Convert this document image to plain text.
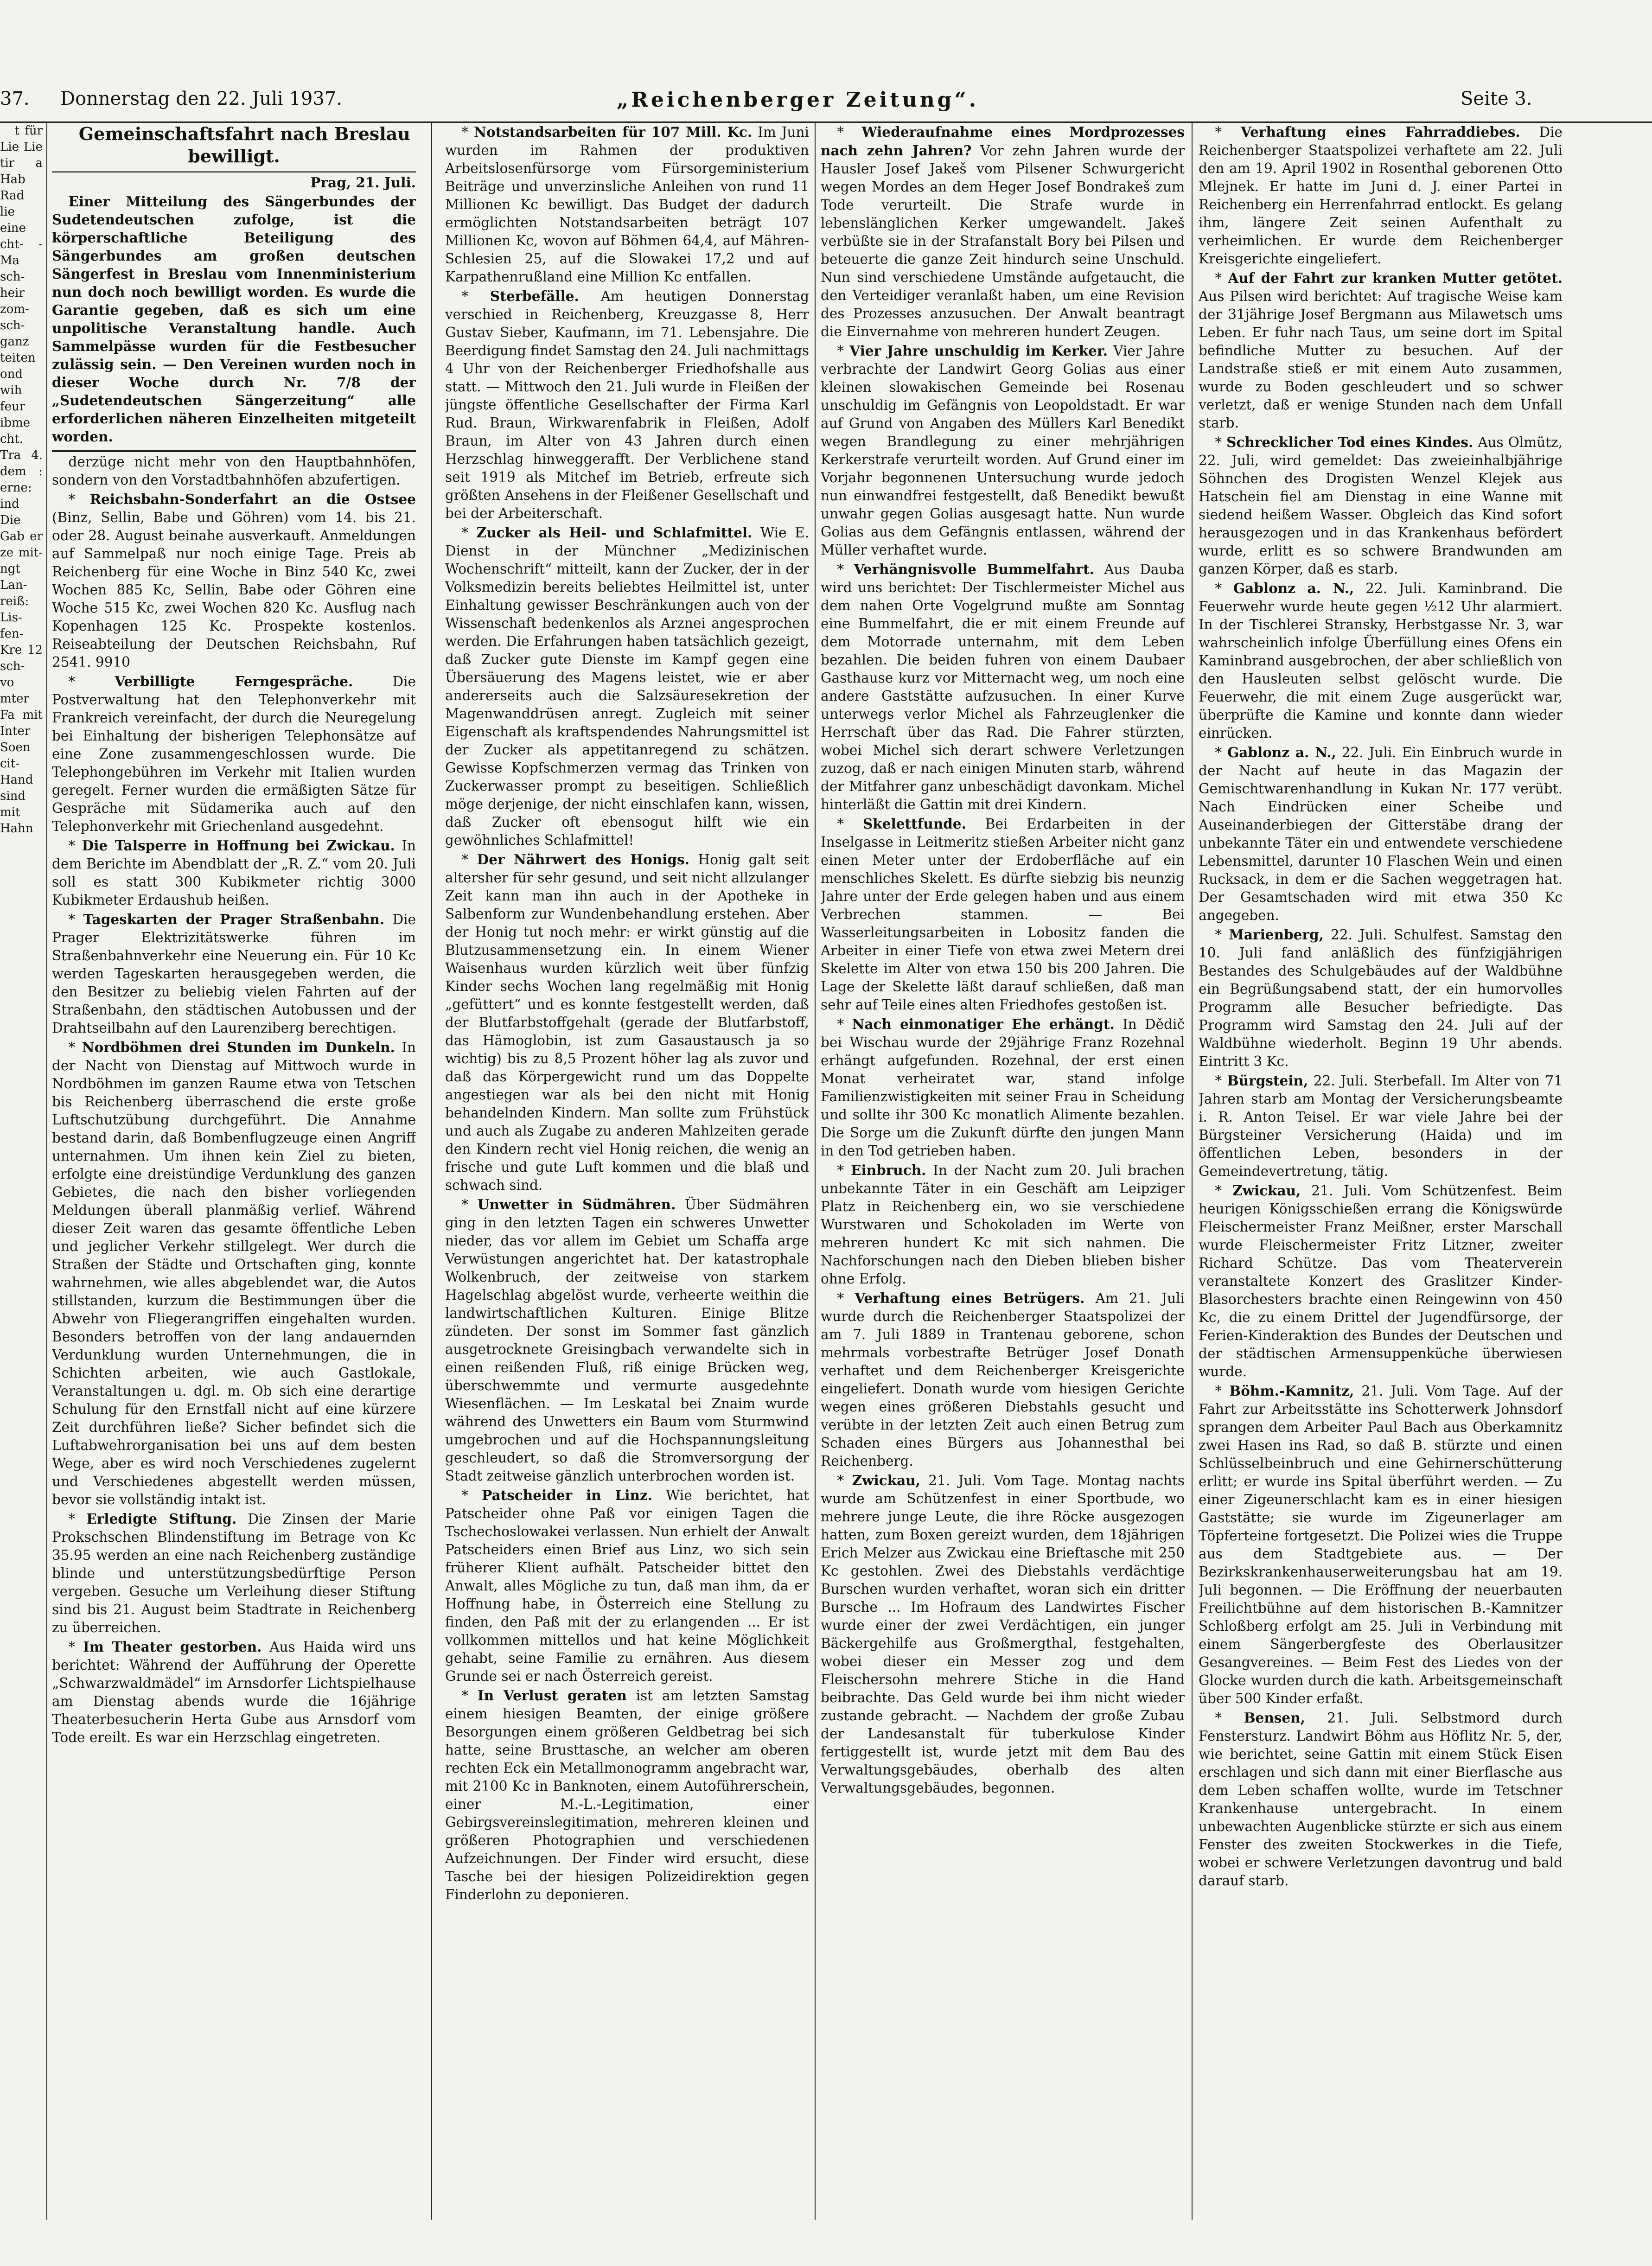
37. Donnerstag den 22. Juli 1937.	„Reichenberger Zeitung“.	Seite 3.

t für Lie Lie tir a Hab Rad lie eine cht- -Ma sch- heir zom- sch- ganz teiten ond wih feur ibme cht. Tra 4. dem : erne: ind Die Gab er ze mit- ngt Lan- reiß: Lis- fen- Kre 12 sch- vo mter Fa mit Inter Soen cit- Hand sind mit Hahn

Gemeinschaftsfahrt nach Breslau bewilligt.

Prag, 21. Juli.

Einer Mitteilung des Sängerbundes der Sudetendeutschen zufolge, ist die körperschaftliche Beteiligung des Sängerbundes am großen deutschen Sängerfest in Breslau vom Innenministerium nun doch noch bewilligt worden. Es wurde die Garantie gegeben, daß es sich um eine unpolitische Veranstaltung handle. Auch Sammelpässe wurden für die Festbesucher zulässig sein. — Den Vereinen wurden noch in dieser Woche durch Nr. 7/8 der „Sudetendeutschen Sängerzeitung“ alle erforderlichen näheren Einzelheiten mitgeteilt worden.

derzüge nicht mehr von den Hauptbahnhöfen, sondern von den Vorstadtbahnhöfen abzufertigen.

* Reichsbahn-Sonderfahrt an die Ostsee (Binz, Sellin, Babe und Göhren) vom 14. bis 21. oder 28. August beinahe ausverkauft. Anmeldungen auf Sammelpaß nur noch einige Tage. Preis ab Reichenberg für eine Woche in Binz 540 Kc, zwei Wochen 885 Kc, Sellin, Babe oder Göhren eine Woche 515 Kc, zwei Wochen 820 Kc. Ausflug nach Kopenhagen 125 Kc. Prospekte kostenlos. Reiseabteilung der Deutschen Reichsbahn, Ruf 2541. 9910

* Verbilligte Ferngespräche.	Die Postverwaltung hat den Telephonverkehr mit Frankreich vereinfacht, der durch die Neuregelung bei Einhaltung der bisherigen Telephonsätze auf eine Zone zusammengeschlossen wurde. Die Telephongebühren im Verkehr mit Italien wurden geregelt. Ferner wurden die ermäßigten Sätze für Gespräche mit Südamerika auch auf den Telephonverkehr mit Griechenland ausgedehnt.

* Die Talsperre in Hoffnung bei Zwickau. In dem Berichte im Abendblatt der „R. Z.“ vom 20. Juli soll es statt 300 Kubikmeter richtig 3000 Kubikmeter Erdaushub heißen.

* Tageskarten der Prager Straßenbahn. Die Prager Elektrizitätswerke führen im Straßenbahnverkehr eine Neuerung ein. Für 10 Kc werden Tageskarten herausgegeben werden, die den Besitzer zu beliebig vielen Fahrten auf der Straßenbahn, den städtischen Autobussen und der Drahtseilbahn auf den Laurenziberg berechtigen.

* Nordböhmen drei Stunden im Dunkeln. In der Nacht von Dienstag auf Mittwoch wurde in Nordböhmen im ganzen Raume etwa von Tetschen bis Reichenberg überraschend die erste große Luftschutzübung durchgeführt. Die Annahme bestand darin, daß Bombenflugzeuge einen Angriff unternahmen. Um ihnen kein Ziel zu bieten, erfolgte eine dreistündige Verdunklung des ganzen Gebietes, die nach den bisher vorliegenden Meldungen überall planmäßig verlief. Während dieser Zeit waren das gesamte öffentliche Leben und jeglicher Verkehr stillgelegt. Wer durch die Straßen der Städte und Ortschaften ging, konnte wahrnehmen, wie alles abgeblendet war, die Autos stillstanden, kurzum die Bestimmungen über die Abwehr von Fliegerangriffen eingehalten wurden. Besonders betroffen von der lang andauernden Verdunklung wurden Unternehmungen, die in Schichten arbeiten, wie auch Gastlokale, Veranstaltungen u. dgl. m. Ob sich eine derartige Schulung für den Ernstfall nicht auf eine kürzere Zeit durchführen ließe? Sicher befindet sich die Luftabwehrorganisation bei uns auf dem besten Wege, aber es wird noch Verschiedenes zugelernt und Verschiedenes abgestellt werden müssen, bevor sie vollständig intakt ist.

* Erledigte Stiftung. Die Zinsen der Marie Prokschschen Blindenstiftung im Betrage von Kc 35.95 werden an eine nach Reichenberg zuständige blinde und unterstützungsbedürftige Person vergeben. Gesuche um Verleihung dieser Stiftung sind bis 21. August beim Stadtrate in Reichenberg zu überreichen.

* Im Theater gestorben. Aus Haida wird uns berichtet: Während der Aufführung der Operette „Schwarzwaldmädel“ im Arnsdorfer Lichtspielhause am Dienstag abends wurde die 16jährige Theaterbesucherin Herta Gube aus Arnsdorf vom Tode ereilt. Es war ein Herzschlag eingetreten.

* Notstandsarbeiten für 107 Mill. Kc. Im Juni wurden im Rahmen der produktiven Arbeitslosenfürsorge vom Fürsorgeministerium Beiträge und unverzinsliche Anleihen von rund 11 Millionen Kc bewilligt. Das Budget der dadurch ermöglichten Notstandsarbeiten beträgt 107 Millionen Kc, wovon auf Böhmen 64,4, auf Mähren-Schlesien 25, auf die Slowakei 17,2 und auf Karpathenrußland eine Million Kc entfallen.

* Sterbefälle. Am heutigen Donnerstag verschied in Reichenberg, Kreuzgasse 8, Herr Gustav Sieber, Kaufmann, im 71. Lebensjahre. Die Beerdigung findet Samstag den 24. Juli nachmittags 4 Uhr von der Reichenberger Friedhofshalle aus statt. — Mittwoch den 21. Juli wurde in Fleißen der jüngste öffentliche Gesellschafter der Firma Karl Rud. Braun, Wirkwarenfabrik in Fleißen, Adolf Braun, im Alter von 43 Jahren durch einen Herzschlag hinweggerafft. Der Verblichene stand seit 1919 als Mitchef im Betrieb, erfreute sich größten Ansehens in der Fleißener Gesellschaft und bei der Arbeiterschaft.

* Zucker als Heil- und Schlafmittel. Wie E. Dienst in der Münchner „Medizinischen Wochenschrift“ mitteilt, kann der Zucker, der in der Volksmedizin bereits beliebtes Heilmittel ist, unter Einhaltung gewisser Beschränkungen auch von der Wissenschaft bedenkenlos als Arznei angesprochen werden. Die Erfahrungen haben tatsächlich gezeigt, daß Zucker gute Dienste im Kampf gegen eine Übersäuerung des Magens leistet, wie er aber andererseits auch die Salzsäuresekretion der Magenwanddrüsen anregt. Zugleich mit seiner Eigenschaft als kraftspendendes Nahrungsmittel ist der Zucker als appetitanregend zu schätzen. Gewisse Kopfschmerzen vermag das Trinken von Zuckerwasser prompt zu beseitigen. Schließlich möge derjenige, der nicht einschlafen kann, wissen, daß Zucker oft ebensogut hilft wie ein gewöhnliches Schlafmittel!

* Der Nährwert des Honigs. Honig galt seit altersher für sehr gesund, und seit nicht allzulanger Zeit kann man ihn auch in der Apotheke in Salbenform zur Wundenbehandlung erstehen. Aber der Honig tut noch mehr: er wirkt günstig auf die Blutzusammensetzung ein. In einem Wiener Waisenhaus wurden kürzlich weit über fünfzig Kinder sechs Wochen lang regelmäßig mit Honig „gefüttert“ und es konnte festgestellt werden, daß der Blutfarbstoffgehalt (gerade der Blutfarbstoff, das Hämoglobin, ist zum Gasaustausch ja so wichtig) bis zu 8,5 Prozent höher lag als zuvor und daß das Körpergewicht rund um das Doppelte angestiegen war als bei den nicht mit Honig behandelnden Kindern. Man sollte zum Frühstück und auch als Zugabe zu anderen Mahlzeiten gerade den Kindern recht viel Honig reichen, die wenig an frische und gute Luft kommen und die blaß und schwach sind.

* Unwetter in Südmähren. Über Südmähren ging in den letzten Tagen ein schweres Unwetter nieder, das vor allem im Gebiet um Schaffa arge Verwüstungen angerichtet hat. Der katastrophale Wolkenbruch, der zeitweise von starkem Hagelschlag abgelöst wurde, verheerte weithin die landwirtschaftlichen Kulturen. Einige Blitze zündeten. Der sonst im Sommer fast gänzlich ausgetrocknete Greisingbach verwandelte sich in einen reißenden Fluß, riß einige Brücken weg, überschwemmte und vermurte ausgedehnte Wiesenflächen. — Im Leskatal bei Znaim wurde während des Unwetters ein Baum vom Sturmwind umgebrochen und auf die Hochspannungsleitung geschleudert, so daß die Stromversorgung der Stadt zeitweise gänzlich unterbrochen worden ist.

* Patscheider in Linz. Wie berichtet, hat Patscheider ohne Paß vor einigen Tagen die Tschechoslowakei verlassen. Nun erhielt der Anwalt Patscheiders einen Brief aus Linz, wo sich sein früherer Klient aufhält. Patscheider bittet den Anwalt, alles Mögliche zu tun, daß man ihm, da er Hoffnung habe, in Österreich eine Stellung zu finden, den Paß mit der zu erlangenden ... Er ist vollkommen mittellos und hat keine Möglichkeit gehabt, seine Familie zu ernähren. Aus diesem Grunde sei er nach Österreich gereist.

* In Verlust geraten ist am letzten Samstag einem hiesigen Beamten, der einige größere Besorgungen einem größeren Geldbetrag bei sich hatte, seine Brusttasche, an welcher am oberen rechten Eck ein Metallmonogramm angebracht war, mit 2100 Kc in Banknoten, einem Autoführerschein, einer M.-L.-Legitimation, einer Gebirgsvereinslegitimation, mehreren kleinen und größeren Photographien und verschiedenen Aufzeichnungen. Der Finder wird ersucht, diese Tasche bei der hiesigen Polizeidirektion gegen Finderlohn zu deponieren.

* Wiederaufnahme eines Mordprozesses nach zehn Jahren? Vor zehn Jahren wurde der Hausler Josef Jakeš vom Pilsener Schwurgericht wegen Mordes an dem Heger Josef Bondrakeš zum Tode verurteilt. Die Strafe wurde in lebenslänglichen Kerker umgewandelt. Jakeš verbüßte sie in der Strafanstalt Bory bei Pilsen und beteuerte die ganze Zeit hindurch seine Unschuld. Nun sind verschiedene Umstände aufgetaucht, die den Verteidiger veranlaßt haben, um eine Revision des Prozesses anzusuchen. Der Anwalt beantragt die Einvernahme von mehreren hundert Zeugen.

* Vier Jahre unschuldig im Kerker. Vier Jahre verbrachte der Landwirt Georg Golias aus einer kleinen slowakischen Gemeinde bei Rosenau unschuldig im Gefängnis von Leopoldstadt. Er war auf Grund von Angaben des Müllers Karl Benedikt wegen Brandlegung zu einer mehrjährigen Kerkerstrafe verurteilt worden. Auf Grund einer im Vorjahr begonnenen Untersuchung wurde jedoch nun einwandfrei festgestellt, daß Benedikt bewußt unwahr gegen Golias ausgesagt hatte. Nun wurde Golias aus dem Gefängnis entlassen, während der Müller verhaftet wurde.

* Verhängnisvolle Bummelfahrt. Aus Dauba wird uns berichtet: Der Tischlermeister Michel aus dem nahen Orte Vogelgrund mußte am Sonntag eine Bummelfahrt, die er mit einem Freunde auf dem Motorrade unternahm, mit dem Leben bezahlen. Die beiden fuhren von einem Daubaer Gasthause kurz vor Mitternacht weg, um noch eine andere Gaststätte aufzusuchen. In einer Kurve unterwegs verlor Michel als Fahrzeuglenker die Herrschaft über das Rad. Die Fahrer stürzten, wobei Michel sich derart schwere Verletzungen zuzog, daß er nach einigen Minuten starb, während der Mitfahrer ganz unbeschädigt davonkam. Michel hinterläßt die Gattin mit drei Kindern.

* Skelettfunde. Bei Erdarbeiten in der Inselgasse in Leitmeritz stießen Arbeiter nicht ganz einen Meter unter der Erdoberfläche auf ein menschliches Skelett. Es dürfte siebzig bis neunzig Jahre unter der Erde gelegen haben und aus einem Verbrechen stammen. — Bei Wasserleitungsarbeiten in Lobositz fanden die Arbeiter in einer Tiefe von etwa zwei Metern drei Skelette im Alter von etwa 150 bis 200 Jahren. Die Lage der Skelette läßt darauf schließen, daß man sehr auf Teile eines alten Friedhofes gestoßen ist.

* Nach einmonatiger Ehe erhängt. In Dědič bei Wischau wurde der 29jährige Franz Rozehnal erhängt aufgefunden. Rozehnal, der erst einen Monat verheiratet war, stand infolge Familienzwistigkeiten mit seiner Frau in Scheidung und sollte ihr 300 Kc monatlich Alimente bezahlen. Die Sorge um die Zukunft dürfte den jungen Mann in den Tod getrieben haben.

* Einbruch. In der Nacht zum 20. Juli brachen unbekannte Täter in ein Geschäft am Leipziger Platz in Reichenberg ein, wo sie verschiedene Wurstwaren und Schokoladen im Werte von mehreren hundert Kc mit sich nahmen. Die Nachforschungen nach den Dieben blieben bisher ohne Erfolg.

* Verhaftung eines Betrügers. Am 21. Juli wurde durch die Reichenberger Staatspolizei der am 7. Juli 1889 in Trantenau geborene, schon mehrmals vorbestrafte Betrüger Josef Donath verhaftet und dem Reichenberger Kreisgerichte eingeliefert. Donath wurde vom hiesigen Gerichte wegen eines größeren Diebstahls gesucht und verübte in der letzten Zeit auch einen Betrug zum Schaden eines Bürgers aus Johannesthal bei Reichenberg.

* Zwickau, 21. Juli. Vom Tage. Montag nachts wurde am Schützenfest in einer Sportbude, wo mehrere junge Leute, die ihre Röcke ausgezogen hatten, zum Boxen gereizt wurden, dem 18jährigen Erich Melzer aus Zwickau eine Brieftasche mit 250 Kc gestohlen. Zwei des Diebstahls verdächtige Burschen wurden verhaftet, woran sich ein dritter Bursche ... Im Hofraum des Landwirtes Fischer wurde einer der zwei Verdächtigen, ein junger Bäckergehilfe aus Großmergthal, festgehalten, wobei dieser ein Messer zog und dem Fleischersohn mehrere Stiche in die Hand beibrachte. Das Geld wurde bei ihm nicht wieder zustande gebracht. — Nachdem der große Zubau der Landesanstalt für tuberkulose Kinder fertiggestellt ist, wurde jetzt mit dem Bau des Verwaltungsgebäudes, oberhalb des alten Verwaltungsgebäudes, begonnen.

* Verhaftung eines Fahrraddiebes. Die Reichenberger Staatspolizei verhaftete am 22. Juli den am 19. April 1902 in Rosenthal geborenen Otto Mlejnek. Er hatte im Juni d. J. einer Partei in Reichenberg ein Herrenfahrrad entlockt. Es gelang ihm, längere Zeit seinen Aufenthalt zu verheimlichen. Er wurde dem Reichenberger Kreisgerichte eingeliefert.

* Auf der Fahrt zur kranken Mutter getötet. Aus Pilsen wird berichtet: Auf tragische Weise kam der 31jährige Josef Bergmann aus Milawetsch ums Leben. Er fuhr nach Taus, um seine dort im Spital befindliche Mutter zu besuchen. Auf der Landstraße stieß er mit einem Auto zusammen, wurde zu Boden geschleudert und so schwer verletzt, daß er wenige Stunden nach dem Unfall starb.

* Schrecklicher Tod eines Kindes. Aus Olmütz, 22. Juli, wird gemeldet: Das zweieinhalbjährige Söhnchen des Drogisten Wenzel Klejek aus Hatschein fiel am Dienstag in eine Wanne mit siedend heißem Wasser. Obgleich das Kind sofort herausgezogen und in das Krankenhaus befördert wurde, erlitt es so schwere Brandwunden am ganzen Körper, daß es starb.

* Gablonz a. N., 22. Juli. Kaminbrand. Die Feuerwehr wurde heute gegen ½12 Uhr alarmiert. In der Tischlerei Stransky, Herbstgasse Nr. 3, war wahrscheinlich infolge Überfüllung eines Ofens ein Kaminbrand ausgebrochen, der aber schließlich von den Hausleuten selbst gelöscht wurde. Die Feuerwehr, die mit einem Zuge ausgerückt war, überprüfte die Kamine und konnte dann wieder einrücken.

* Gablonz a. N., 22. Juli. Ein Einbruch wurde in der Nacht auf heute in das Magazin der Gemischtwarenhandlung in Kukan Nr. 177 verübt. Nach Eindrücken einer Scheibe und Auseinanderbiegen der Gitterstäbe drang der unbekannte Täter ein und entwendete verschiedene Lebensmittel, darunter 10 Flaschen Wein und einen Rucksack, in dem er die Sachen weggetragen hat. Der Gesamtschaden wird mit etwa 350 Kc angegeben.

* Marienberg, 22. Juli. Schulfest. Samstag den 10. Juli fand anläßlich des fünfzigjährigen Bestandes des Schulgebäudes auf der Waldbühne ein Begrüßungsabend statt, der ein humorvolles Programm alle Besucher befriedigte. Das Programm wird Samstag den 24. Juli auf der Waldbühne wiederholt. Beginn 19 Uhr abends. Eintritt 3 Kc.

* Bürgstein, 22. Juli. Sterbefall. Im Alter von 71 Jahren starb am Montag der Versicherungsbeamte i. R. Anton Teisel. Er war viele Jahre bei der Bürgsteiner Versicherung (Haida) und im öffentlichen Leben, besonders in der Gemeindevertretung, tätig.

* Zwickau, 21. Juli. Vom Schützenfest. Beim heurigen Königsschießen errang die Königswürde Fleischermeister Franz Meißner, erster Marschall wurde Fleischermeister Fritz Litzner, zweiter Richard Schütze. Das vom Theaterverein veranstaltete Konzert des Graslitzer Kinder-Blasorchesters brachte einen Reingewinn von 450 Kc, die zu einem Drittel der Jugendfürsorge, der Ferien-Kinderaktion des Bundes der Deutschen und der städtischen Armensuppenküche überwiesen wurde.

* Böhm.-Kamnitz, 21. Juli. Vom Tage. Auf der Fahrt zur Arbeitsstätte ins Schotterwerk Johnsdorf sprangen dem Arbeiter Paul Bach aus Oberkamnitz zwei Hasen ins Rad, so daß B. stürzte und einen Schlüsselbeinbruch und eine Gehirnerschütterung erlitt; er wurde ins Spital überführt werden. — Zu einer Zigeunerschlacht kam es in einer hiesigen Gaststätte; sie wurde im Zigeunerlager am Töpferteine fortgesetzt. Die Polizei wies die Truppe aus dem Stadtgebiete aus. — Der Bezirkskrankenhauserweiterungsbau hat am 19. Juli begonnen. — Die Eröffnung der neuerbauten Freilichtbühne auf dem historischen B.-Kamnitzer Schloßberg erfolgt am 25. Juli in Verbindung mit einem Sängerbergfeste des Oberlausitzer Gesangvereines. — Beim Fest des Liedes von der Glocke wurden durch die kath. Arbeitsgemeinschaft über 500 Kinder erfaßt.

* Bensen, 21. Juli. Selbstmord durch Fenstersturz. Landwirt Böhm aus Höflitz Nr. 5, der, wie berichtet, seine Gattin mit einem Stück Eisen erschlagen und sich dann mit einer Bierflasche aus dem Leben schaffen wollte, wurde im Tetschner Krankenhause untergebracht. In einem unbewachten Augenblicke stürzte er sich aus einem Fenster des zweiten Stockwerkes in die Tiefe, wobei er schwere Verletzungen davontrug und bald darauf starb.
